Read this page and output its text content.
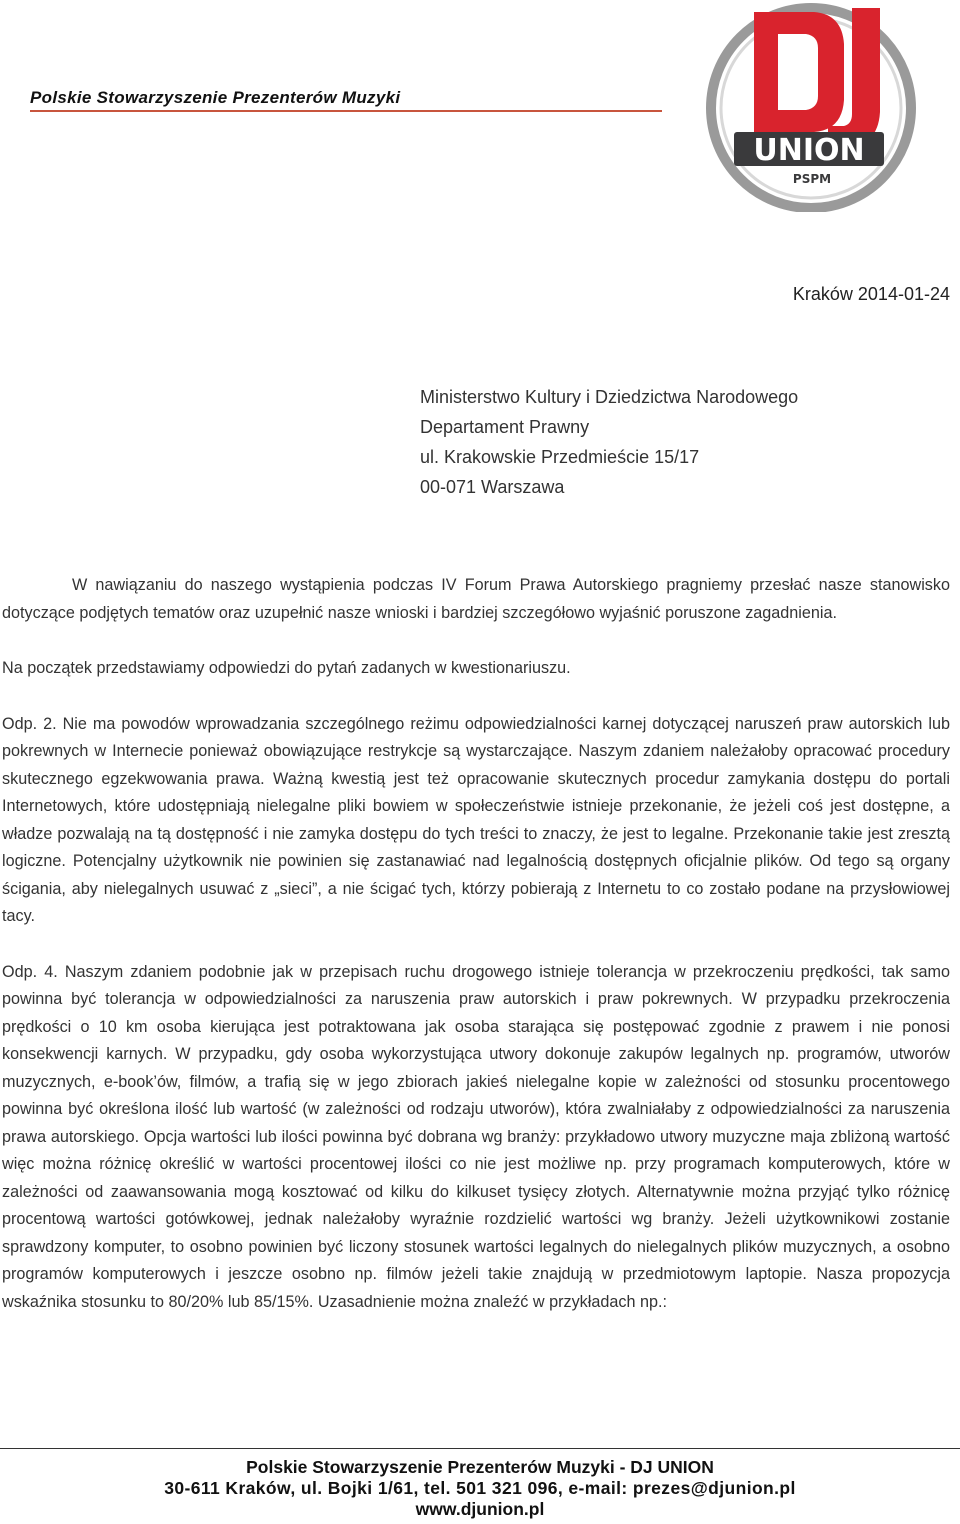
Polskie Stowarzyszenie Prezenterów Muzyki
UNION
PSPM
Kraków 2014-01-24
Ministerstwo Kultury i Dziedzictwa Narodowego
Departament Prawny
ul. Krakowskie Przedmieście 15/17
00-071 Warszawa

W nawiązaniu do naszego wystąpienia podczas IV Forum Prawa Autorskiego pragniemy przesłać nasze stanowisko dotyczące podjętych tematów oraz uzupełnić nasze wnioski i bardziej szczegółowo wyjaśnić poruszone zagadnienia.

Na początek przedstawiamy odpowiedzi do pytań zadanych w kwestionariuszu.

Odp. 2. Nie ma powodów wprowadzania szczególnego reżimu odpowiedzialności karnej dotyczącej naruszeń praw autorskich lub pokrewnych w Internecie ponieważ obowiązujące restrykcje są wystarczające. Naszym zdaniem należałoby opracować procedury skutecznego egzekwowania prawa. Ważną kwestią jest też opracowanie skutecznych procedur zamykania dostępu do portali Internetowych, które udostępniają nielegalne pliki bowiem w społeczeństwie istnieje przekonanie, że jeżeli coś jest dostępne, a władze pozwalają na tą dostępność i nie zamyka dostępu do tych treści to znaczy, że jest to legalne. Przekonanie takie jest zresztą logiczne. Potencjalny użytkownik nie powinien się zastanawiać nad legalnością dostępnych oficjalnie plików. Od tego są organy ścigania, aby nielegalnych usuwać z „sieci”, a nie ścigać tych, którzy pobierają z Internetu to co zostało podane na przysłowiowej tacy.

Odp. 4. Naszym zdaniem podobnie jak w przepisach ruchu drogowego istnieje tolerancja w przekroczeniu prędkości, tak samo powinna być tolerancja w odpowiedzialności za naruszenia praw autorskich i praw pokrewnych. W przypadku przekroczenia prędkości o 10 km osoba kierująca jest potraktowana jak osoba starająca się postępować zgodnie z prawem i nie ponosi konsekwencji karnych. W przypadku, gdy osoba wykorzystująca utwory dokonuje zakupów legalnych np. programów, utworów muzycznych, e-book’ów, filmów, a trafią się w jego zbiorach jakieś nielegalne kopie w zależności od stosunku procentowego powinna być określona ilość lub wartość (w zależności od rodzaju utworów), która zwalniałaby z odpowiedzialności za naruszenia prawa autorskiego. Opcja wartości lub ilości powinna być dobrana wg branży: przykładowo utwory muzyczne maja zbliżoną wartość więc można różnicę określić w wartości procentowej ilości co nie jest możliwe np. przy programach komputerowych, które w zależności od zaawansowania mogą kosztować od kilku do kilkuset tysięcy złotych. Alternatywnie można przyjąć tylko różnicę procentową wartości gotówkowej, jednak należałoby wyraźnie rozdzielić wartości wg branży. Jeżeli użytkownikowi zostanie sprawdzony komputer, to osobno powinien być liczony stosunek wartości legalnych do nielegalnych plików muzycznych, a osobno programów komputerowych i jeszcze osobno np. filmów jeżeli takie znajdują w przedmiotowym laptopie. Nasza propozycja wskaźnika stosunku to 80/20% lub 85/15%. Uzasadnienie można znaleźć w przykładach np.:

Polskie Stowarzyszenie Prezenterów Muzyki - DJ UNION
30-611 Kraków, ul. Bojki 1/61, tel. 501 321 096, e-mail: prezes@djunion.pl
www.djunion.pl
